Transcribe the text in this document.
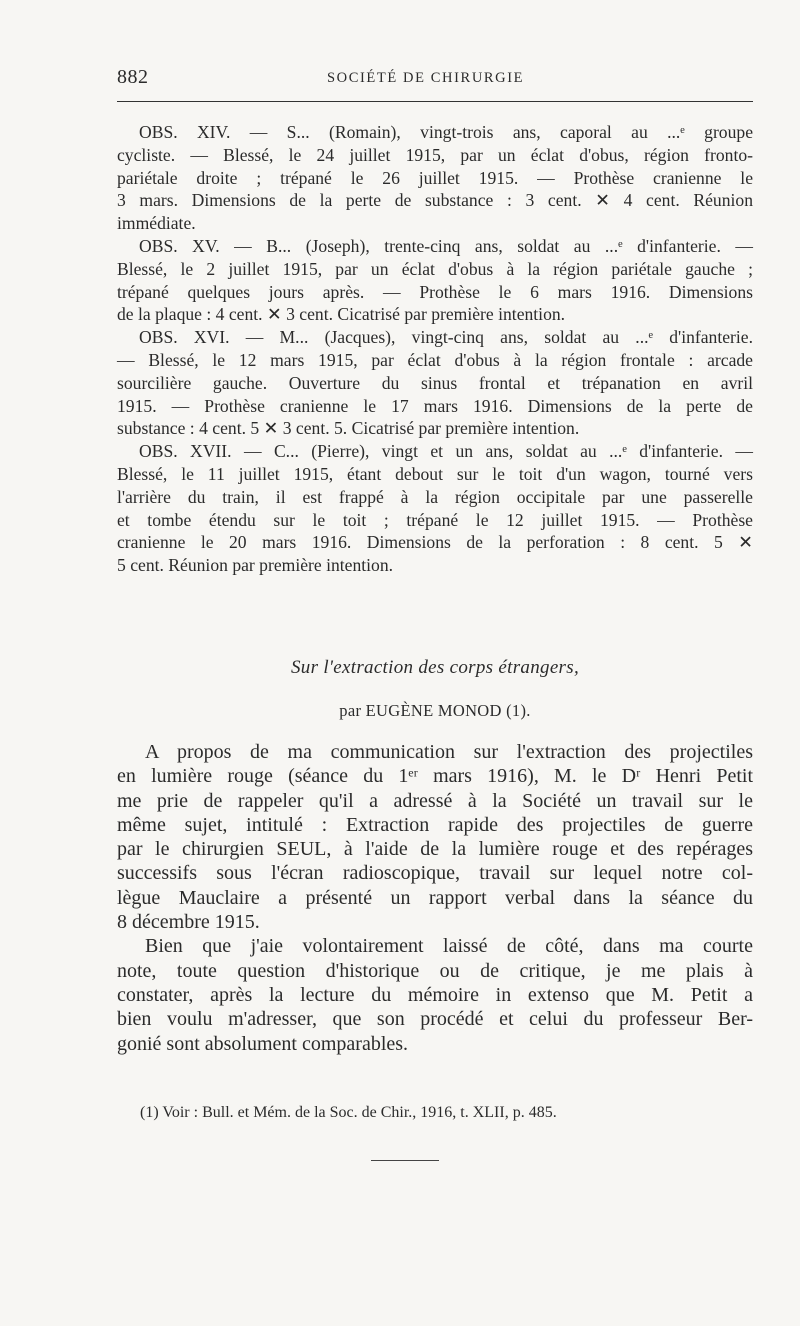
882	SOCIÉTÉ DE CHIRURGIE
OBS. XIV. — S... (Romain), vingt-trois ans, caporal au ...ᵉ groupe
cycliste. — Blessé, le 24 juillet 1915, par un éclat d'obus, région fronto-
pariétale droite ; trépané le 26 juillet 1915. — Prothèse cranienne le
3 mars. Dimensions de la perte de substance : 3 cent. ✕ 4 cent. Réunion
immédiate.
OBS. XV. — B... (Joseph), trente-cinq ans, soldat au ...ᵉ d'infanterie. —
Blessé, le 2 juillet 1915, par un éclat d'obus à la région pariétale gauche ;
trépané quelques jours après. — Prothèse le 6 mars 1916. Dimensions
de la plaque : 4 cent. ✕ 3 cent. Cicatrisé par première intention.
OBS. XVI. — M... (Jacques), vingt-cinq ans, soldat au ...ᵉ d'infanterie.
— Blessé, le 12 mars 1915, par éclat d'obus à la région frontale : arcade
sourcilière gauche. Ouverture du sinus frontal et trépanation en avril
1915. — Prothèse cranienne le 17 mars 1916. Dimensions de la perte de
substance : 4 cent. 5 ✕ 3 cent. 5. Cicatrisé par première intention.
OBS. XVII. — C... (Pierre), vingt et un ans, soldat au ...ᵉ d'infanterie. —
Blessé, le 11 juillet 1915, étant debout sur le toit d'un wagon, tourné vers
l'arrière du train, il est frappé à la région occipitale par une passerelle
et tombe étendu sur le toit ; trépané le 12 juillet 1915. — Prothèse
cranienne le 20 mars 1916. Dimensions de la perforation : 8 cent. 5 ✕
5 cent. Réunion par première intention.
Sur l'extraction des corps étrangers,
par EUGÈNE MONOD (1).
A propos de ma communication sur l'extraction des projectiles
en lumière rouge (séance du 1ᵉʳ mars 1916), M. le Dʳ Henri Petit
me prie de rappeler qu'il a adressé à la Société un travail sur le
même sujet, intitulé : Extraction rapide des projectiles de guerre
par le chirurgien SEUL, à l'aide de la lumière rouge et des repérages
successifs sous l'écran radioscopique, travail sur lequel notre col-
lègue Mauclaire a présenté un rapport verbal dans la séance du
8 décembre 1915.
Bien que j'aie volontairement laissé de côté, dans ma courte
note, toute question d'historique ou de critique, je me plais à
constater, après la lecture du mémoire in extenso que M. Petit a
bien voulu m'adresser, que son procédé et celui du professeur Ber-
gonié sont absolument comparables.
(1) Voir : Bull. et Mém. de la Soc. de Chir., 1916, t. XLII, p. 485.
